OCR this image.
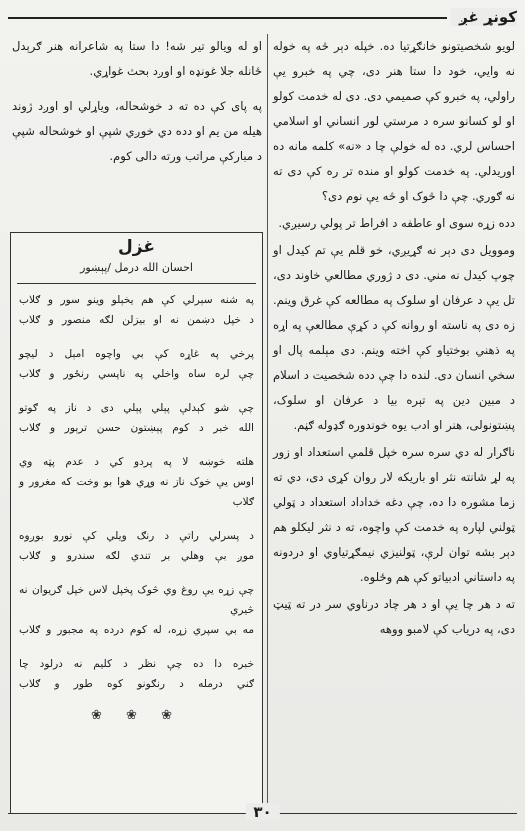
کونړ غږ

لویو شخصیتونو خانګړتیا ده. خپله دېر څه په خوله نه وایي، خود دا ستا هنر دی، چي په خبرو یې راولي، په خبرو کې صمیمي دی. دی له خدمت کولو او لو کسانو سره د مرستي لور انساني او اسلامي احساس لري. ده له خولې چا د «نه» کلمه مانه ده اوریدلي. په خدمت کولو او منده تر ره کې دی ته نه ګوري. چې دا څوک او څه یې نوم دی؟

دده زړه سوی او عاطفه د افراط تر پولي رسیږي.

وموویل دی دېر نه ګړیږي، خو قلم یې تم کیدل او چوپ کیدل نه مني. دی د ژوري مطالعي خاوند دی، تل یې د عرفان او سلوک په مطالعه کې غرق وینم. زه دی په ناسته او روانه کې د کړې مطالعې په اړه په ذهني بوختیاو کې اخته وینم. دی مېلمه پال او سخي انسان دی. لنده دا چې دده شخصیت د اسلام د مبین دین په تېره بیا د عرفان او سلوک، پښتونولی، هنر او ادب یوه خوندوره ګډوله ګڼم.

ناګرار له دي سره سره خپل قلمي استعداد او زور په لړ شانته نثر او باریکه لار روان کړی دی، دي ته زما مشوره دا ده، چې دغه خداداد استعداد د ټولي ټولني لپاره په خدمت کې واچوه، ته د نثر لیکلو هم دېر بشه توان لرې، ټولنیزي نیمګړتیاوي او دردونه په داستاني ادبیاتو کې هم وځلوه.

ته د هر چا یې او د هر چاد درناوي سر در ته ټیټ دی، په دریاب کې لامبو ووهه

او له ویالو تیر شه! دا ستا په شاعرانه هنر ګرېدل ځانله جلا غونډه او اوږد بحث غواړي.

په پای کې ده ته د خوشحاله، ویاړلي او اوږد ژوند هیله من یم او دده دي خوږي شپې او خوشحاله شپې د مبارکې مراتب ورته دالی کوم.

غزل
احسان الله درمل /پېښور
په شنه سېرلي کې هم یخېلو وینو سور و ګلاب
د خپل دښمن نه او بیزلن لګه منصور و ګلاب
پرخي په غاړه کې بي واچوه امېل د لیچو
چې لره ساه واخلي په ناپسي رنځور و ګلاب
چې شو کېدلې پېلي پېلي دی د ناز په ګوتو
الله خبر د کوم پېښتون حسن ترېور و ګلاب
هلته خوښه لا په پردو کي د عدم پټه وي
اوس یې خوک ناز نه وړي هوا بو وخت که مغرور و ګلاب
د پسرلي راتې د رنګ ویلي کې نورو بوږوه
موږ بې وهلي بر تندي لګه سندرو و ګلاب
چې زړه یې روغ وي څوک پخپل لاس خپل ګریوان نه څیري
مه بي سپري زړه، له کوم درده په مجبور و ګلاب
خبره دا ده چې نظر د کلیم نه درلود چا
ګني درمله د رنګونو کوه طور و ګلاب
❀ ❀ ❀
۳۰
